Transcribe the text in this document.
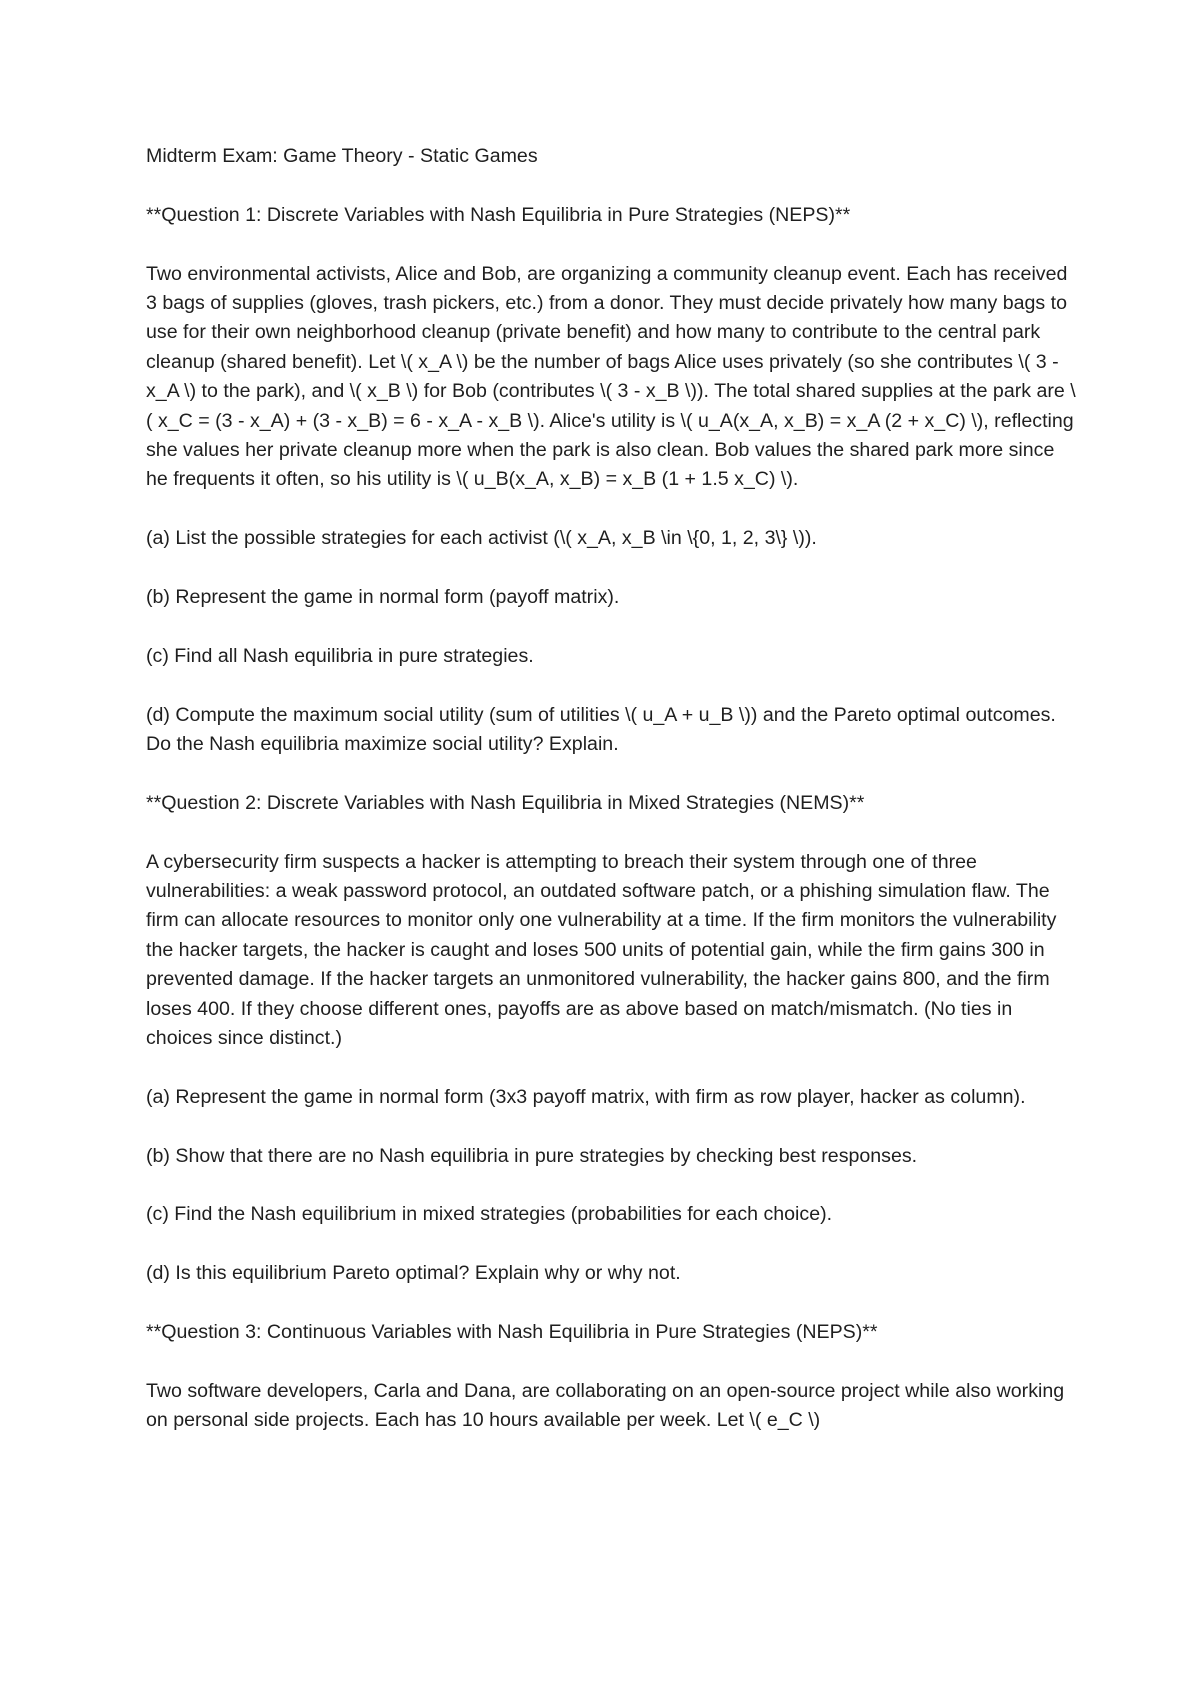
Midterm Exam: Game Theory - Static Games

**Question 1: Discrete Variables with Nash Equilibria in Pure Strategies (NEPS)**

Two environmental activists, Alice and Bob, are organizing a community cleanup event. Each has received 3 bags of supplies (gloves, trash pickers, etc.) from a donor. They must decide privately how many bags to use for their own neighborhood cleanup (private benefit) and how many to contribute to the central park cleanup (shared benefit). Let \( x_A \) be the number of bags Alice uses privately (so she contributes \( 3 - x_A \) to the park), and \( x_B \) for Bob (contributes \( 3 - x_B \)). The total shared supplies at the park are \( x_C = (3 - x_A) + (3 - x_B) = 6 - x_A - x_B \). Alice's utility is \( u_A(x_A, x_B) = x_A (2 + x_C) \), reflecting she values her private cleanup more when the park is also clean. Bob values the shared park more since he frequents it often, so his utility is \( u_B(x_A, x_B) = x_B (1 + 1.5 x_C) \).

(a) List the possible strategies for each activist (\( x_A, x_B \in \{0, 1, 2, 3\} \)).

(b) Represent the game in normal form (payoff matrix).

(c) Find all Nash equilibria in pure strategies.

(d) Compute the maximum social utility (sum of utilities \( u_A + u_B \)) and the Pareto optimal outcomes. Do the Nash equilibria maximize social utility? Explain.

**Question 2: Discrete Variables with Nash Equilibria in Mixed Strategies (NEMS)**

A cybersecurity firm suspects a hacker is attempting to breach their system through one of three vulnerabilities: a weak password protocol, an outdated software patch, or a phishing simulation flaw. The firm can allocate resources to monitor only one vulnerability at a time. If the firm monitors the vulnerability the hacker targets, the hacker is caught and loses 500 units of potential gain, while the firm gains 300 in prevented damage. If the hacker targets an unmonitored vulnerability, the hacker gains 800, and the firm loses 400. If they choose different ones, payoffs are as above based on match/mismatch. (No ties in choices since distinct.)

(a) Represent the game in normal form (3x3 payoff matrix, with firm as row player, hacker as column).

(b) Show that there are no Nash equilibria in pure strategies by checking best responses.

(c) Find the Nash equilibrium in mixed strategies (probabilities for each choice).

(d) Is this equilibrium Pareto optimal? Explain why or why not.

**Question 3: Continuous Variables with Nash Equilibria in Pure Strategies (NEPS)**

Two software developers, Carla and Dana, are collaborating on an open-source project while also working on personal side projects. Each has 10 hours available per week. Let \( e_C \)
